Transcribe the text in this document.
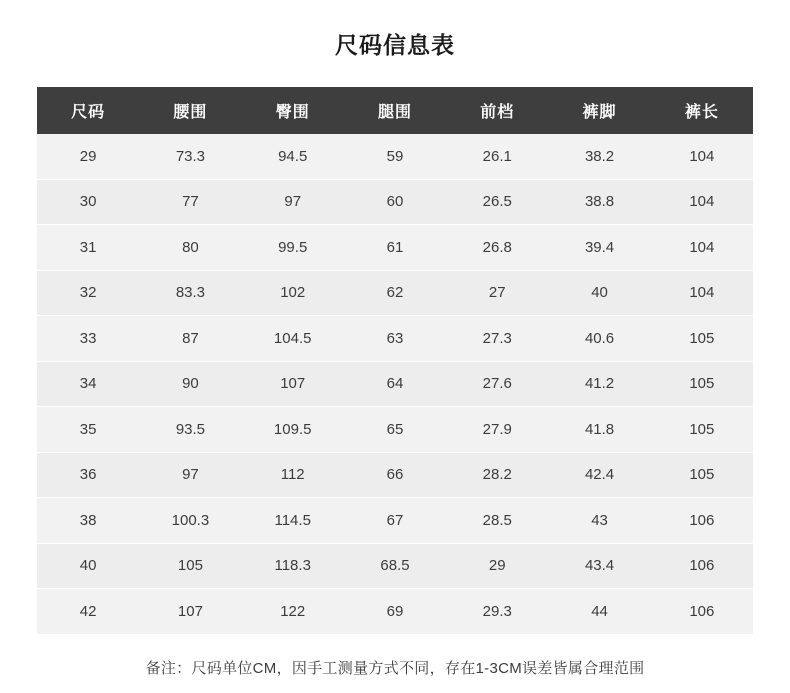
尺码信息表
尺码	腰围	臀围	腿围	前档	裤脚	裤长
29	73.3	94.5	59	26.1	38.2	104
30	77	97	60	26.5	38.8	104
31	80	99.5	61	26.8	39.4	104
32	83.3	102	62	27	40	104
33	87	104.5	63	27.3	40.6	105
34	90	107	64	27.6	41.2	105
35	93.5	109.5	65	27.9	41.8	105
36	97	112	66	28.2	42.4	105
38	100.3	114.5	67	28.5	43	106
40	105	118.3	68.5	29	43.4	106
42	107	122	69	29.3	44	106
备注：尺码单位CM，因手工测量方式不同，存在1-3CM误差皆属合理范围
